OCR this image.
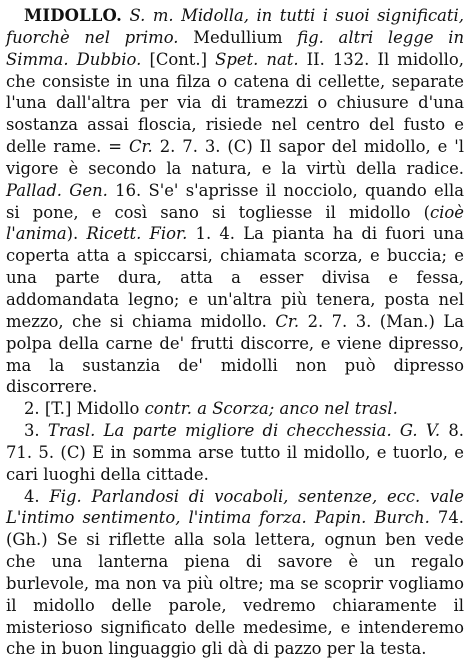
MIDOLLO. S. m. Midolla, in tutti i suoi significati, fuorchè nel primo. Medullium fig. altri legge in Simma. Dubbio. [Cont.] Spet. nat. II. 132. Il midollo, che consiste in una filza o catena di cellette, separate l'una dall'altra per via di tramezzi o chiusure d'una sostanza assai floscia, risiede nel centro del fusto e delle rame. = Cr. 2. 7. 3. (C) Il sapor del midollo, e 'l vigore è secondo la natura, e la virtù della radice. Pallad. Gen. 16. S'e' s'aprisse il nocciolo, quando ella si pone, e così sano si togliesse il midollo (cioè l'anima). Ricett. Fior. 1. 4. La pianta ha di fuori una coperta atta a spiccarsi, chiamata scorza, e buccia; e una parte dura, atta a esser divisa e fessa, addomandata legno; e un'altra più tenera, posta nel mezzo, che si chiama midollo. Cr. 2. 7. 3. (Man.) La polpa della carne de' frutti discorre, e viene dipresso, ma la sustanzia de' midolli non può dipresso discorrere.

2. [T.] Midollo contr. a Scorza; anco nel trasl.

3. Trasl. La parte migliore di checchessia. G. V. 8. 71. 5. (C) E in somma arse tutto il midollo, e tuorlo, e cari luoghi della cittade.

4. Fig. Parlandosi di vocaboli, sentenze, ecc. vale L'intimo sentimento, l'intima forza. Papin. Burch. 74. (Gh.) Se si riflette alla sola lettera, ognun ben vede che una lanterna piena di savore è un regalo burlevole, ma non va più oltre; ma se scoprir vogliamo il midollo delle parole, vedremo chiaramente il misterioso significato delle medesime, e intenderemo che in buon linguaggio gli dà di pazzo per la testa.
